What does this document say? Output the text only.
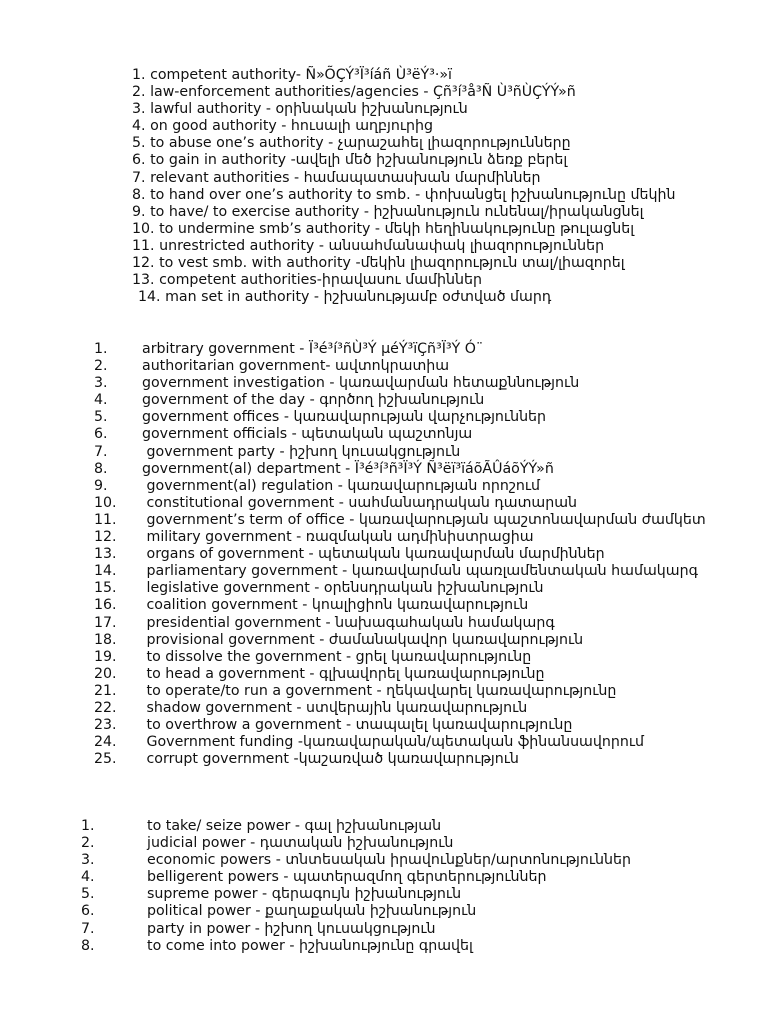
1. competent authority- Ñ»ÕÇÝ³Ï³íáñ Ù³ëÝ³·»ï
2. law-enforcement authorities/agencies - Çñ³í³å³Ñ Ù³ñÙÇÝÝ»ñ
3. lawful authority - օրինական իշխանություն
4. on good authority - հուսալի աղբյուրից
5. to abuse one’s authority - չարաշահել լիազորությունները
6. to gain in authority -ավելի մեծ իշխանություն ձեռք բերել
7. relevant authorities - համապատասխան մարմիններ
8. to hand over one’s authority to smb. - փոխանցել իշխանությունը մեկին
9. to have/ to exercise authority - իշխանություն ունենալ/իրականցնել
10. to undermine smb’s authority - մեկի հեղինակությունը թուլացնել
11. unrestricted authority - անսահմանափակ լիազորություններ
12. to vest smb. with authority -մեկին լիազորություն տալ/լիազորել
13. competent authorities-իրավասու մամիններ
14. man set in authority - իշխանությամբ օժտված մարդ
1. arbitrary government - Ï³é³í³ñÙ³Ý µéÝ³ïÇñ³Ï³Ý Ó¨
2. authoritarian government- ավտոկրատիա
3. government investigation - կառավարման հետաքննություն
4. government of the day - գործող իշխանություն
5. government offices - կառավարության վարչություններ
6. government officials - պետական պաշտոնյա
7. government party - իշխող կուսակցություն
8. government(al) department - Ï³é³í³ñ³Ï³Ý Ñ³ëï³ïáõÃÛáõÝÝ»ñ
9. government(al) regulation - կառավարության որոշում
10. constitutional government - սահմանադրական դատարան
11. government’s term of office - կառավարության պաշտոնավարման ժամկետ
12. military government - ռազմական ադմինիստրացիա
13. organs of government - պետական կառավարման մարմիններ
14. parliamentary government - կառավարման պառլամենտական համակարգ
15. legislative government - օրենսդրական իշխանություն
16. coalition government - կոալիցիոն կառավարություն
17. presidential government - նախագահական համակարգ
18. provisional government - ժամանակավոր կառավարություն
19. to dissolve the government - ցրել կառավարությունը
20. to head a government - գլխավորել կառավարությունը
21. to operate/to run a government - ղեկավարել կառավարությունը
22. shadow government - ստվերային կառավարություն
23. to overthrow a government - տապալել կառավարությունը
24. Government funding -կառավարական/պետական ֆինանսավորում
25. corrupt government -կաշառված կառավարություն
1.	to take/ seize power - գալ իշխանության
2.	judicial power - դատական իշխանություն
3.	economic powers - տնտեսական իրավունքներ/արտոնություններ
4.	belligerent powers - պատերազմող գերտերություններ
5.	supreme power - գերագույն իշխանություն
6.	political power - քաղաքական իշխանություն
7.	party in power - իշխող կուսակցություն
8.	to come into power - իշխանությունը գրավել
